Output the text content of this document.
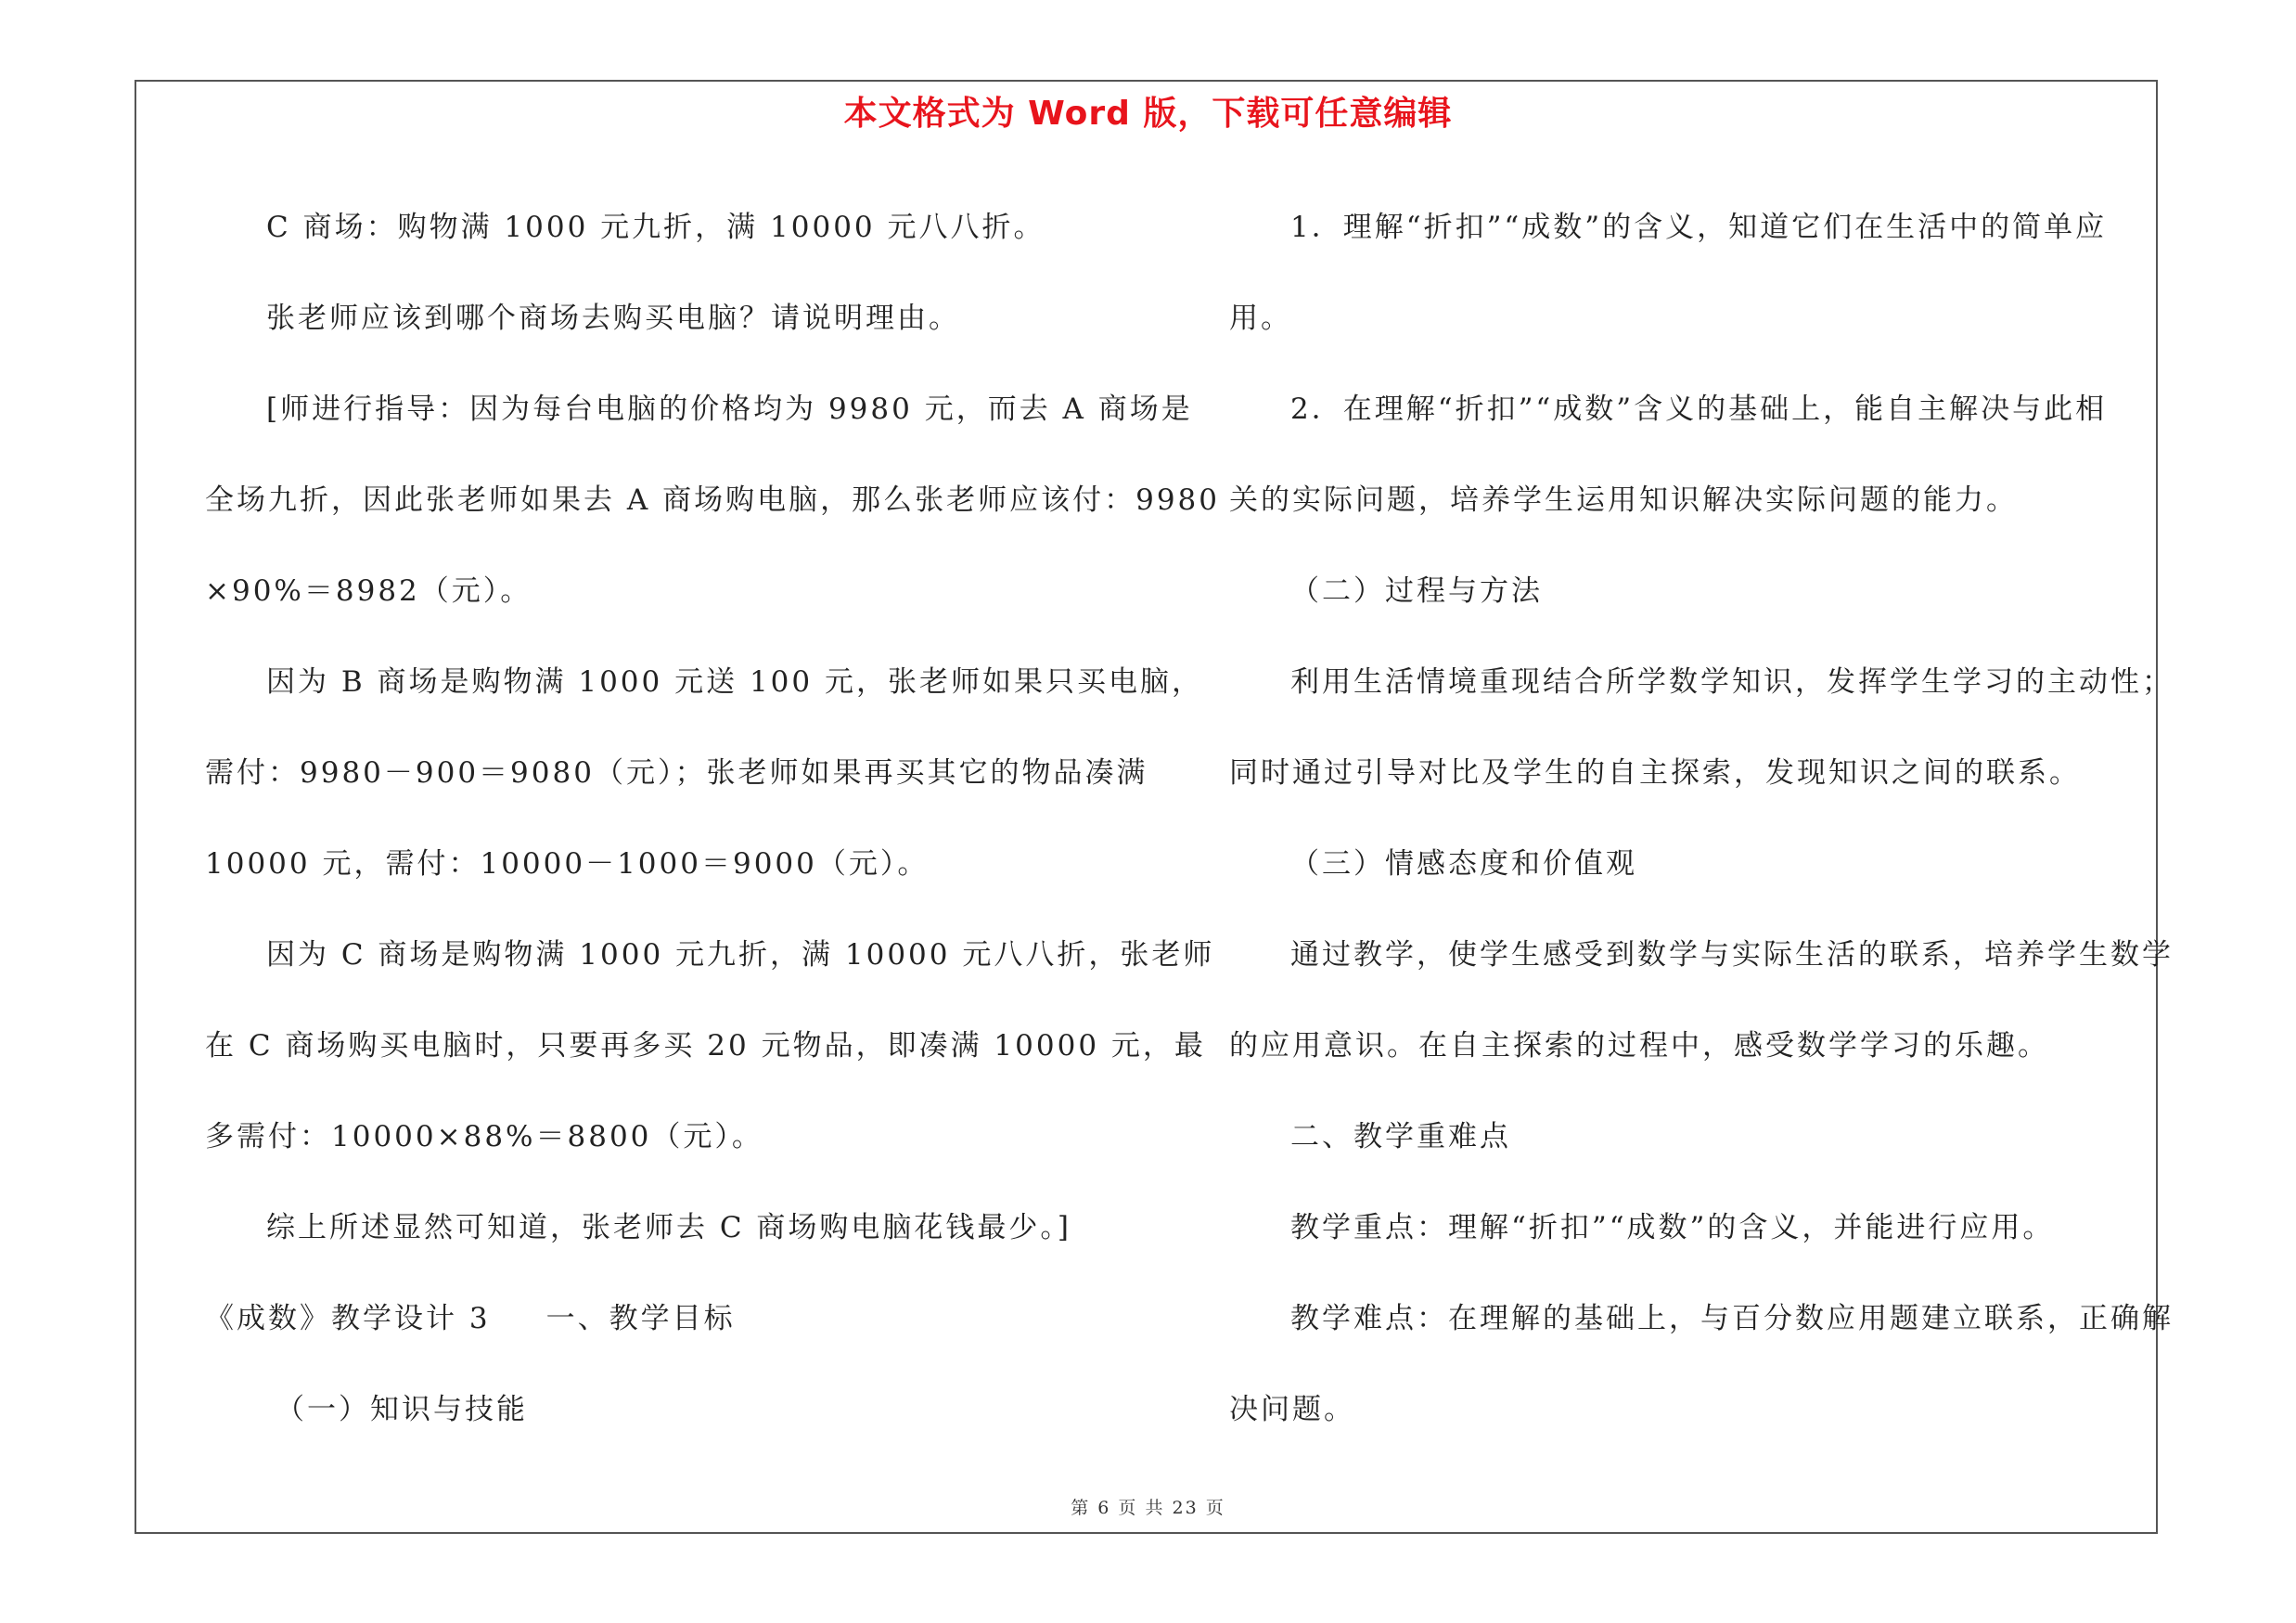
本文格式为 Word 版，下载可任意编辑
C 商场：购物满 1000 元九折，满 10000 元八八折。
张老师应该到哪个商场去购买电脑？请说明理由。
[师进行指导：因为每台电脑的价格均为 9980 元，而去 A 商场是
全场九折，因此张老师如果去 A 商场购电脑，那么张老师应该付：9980
×90%＝8982（元）。
因为 B 商场是购物满 1000 元送 100 元，张老师如果只买电脑，
需付：9980－900＝9080（元）；张老师如果再买其它的物品凑满
10000 元，需付：10000－1000＝9000（元）。
因为 C 商场是购物满 1000 元九折，满 10000 元八八折，张老师
在 C 商场购买电脑时，只要再多买 20 元物品，即凑满 10000 元，最
多需付：10000×88%＝8800（元）。
综上所述显然可知道，张老师去 C 商场购电脑花钱最少。]
《成数》教学设计 3 一、教学目标
（一）知识与技能
1．理解“折扣”“成数”的含义，知道它们在生活中的简单应
用。
2．在理解“折扣”“成数”含义的基础上，能自主解决与此相
关的实际问题，培养学生运用知识解决实际问题的能力。
（二）过程与方法
利用生活情境重现结合所学数学知识，发挥学生学习的主动性；
同时通过引导对比及学生的自主探索，发现知识之间的联系。
（三）情感态度和价值观
通过教学，使学生感受到数学与实际生活的联系，培养学生数学
的应用意识。在自主探索的过程中，感受数学学习的乐趣。
二、教学重难点
教学重点：理解“折扣”“成数”的含义，并能进行应用。
教学难点：在理解的基础上，与百分数应用题建立联系，正确解
决问题。
第 6 页 共 23 页
